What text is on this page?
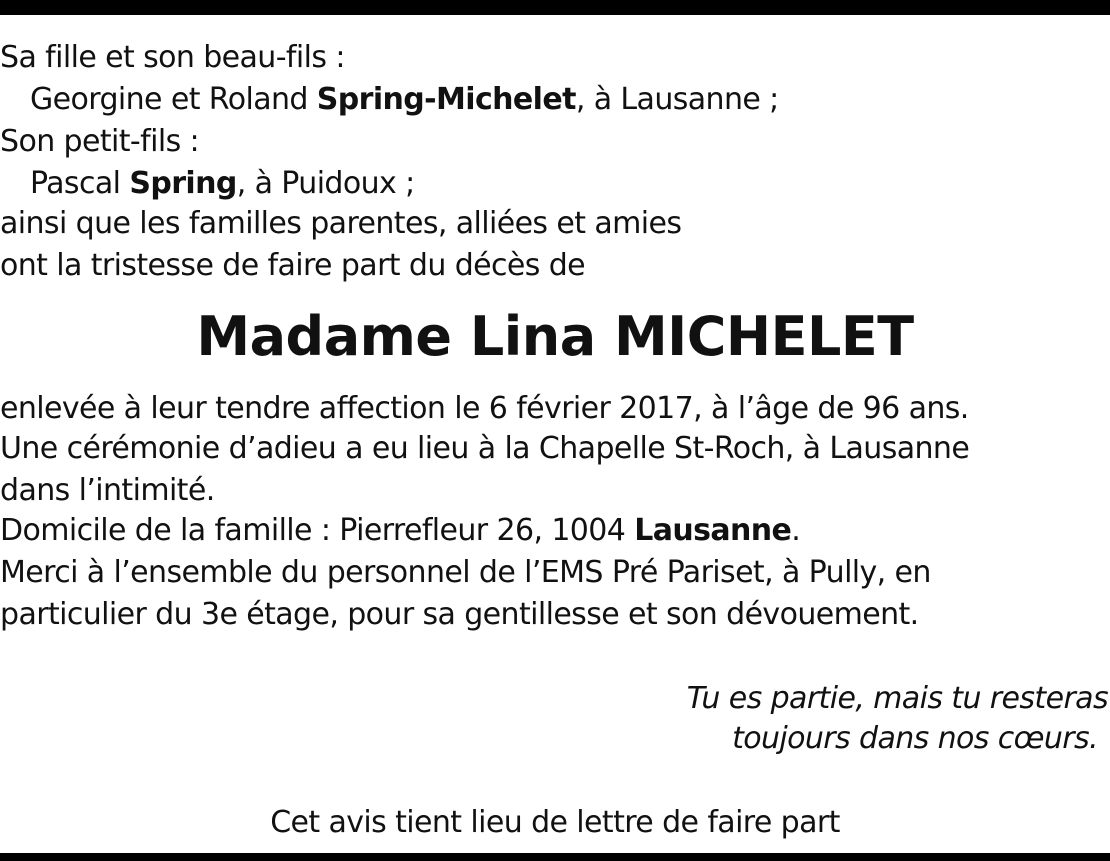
Sa fille et son beau-fils :
Georgine et Roland Spring-Michelet, à Lausanne ;
Son petit-fils :
Pascal Spring, à Puidoux ;
ainsi que les familles parentes, alliées et amies
ont la tristesse de faire part du décès de
Madame Lina MICHELET
enlevée à leur tendre affection le 6 février 2017, à l’âge de 96 ans.
Une cérémonie d’adieu a eu lieu à la Chapelle St-Roch, à Lausanne
dans l’intimité.
Domicile de la famille : Pierrefleur 26, 1004 Lausanne.
Merci à l’ensemble du personnel de l’EMS Pré Pariset, à Pully, en
particulier du 3e étage, pour sa gentillesse et son dévouement.
Tu es partie, mais tu resteras
toujours dans nos cœurs.
Cet avis tient lieu de lettre de faire part
